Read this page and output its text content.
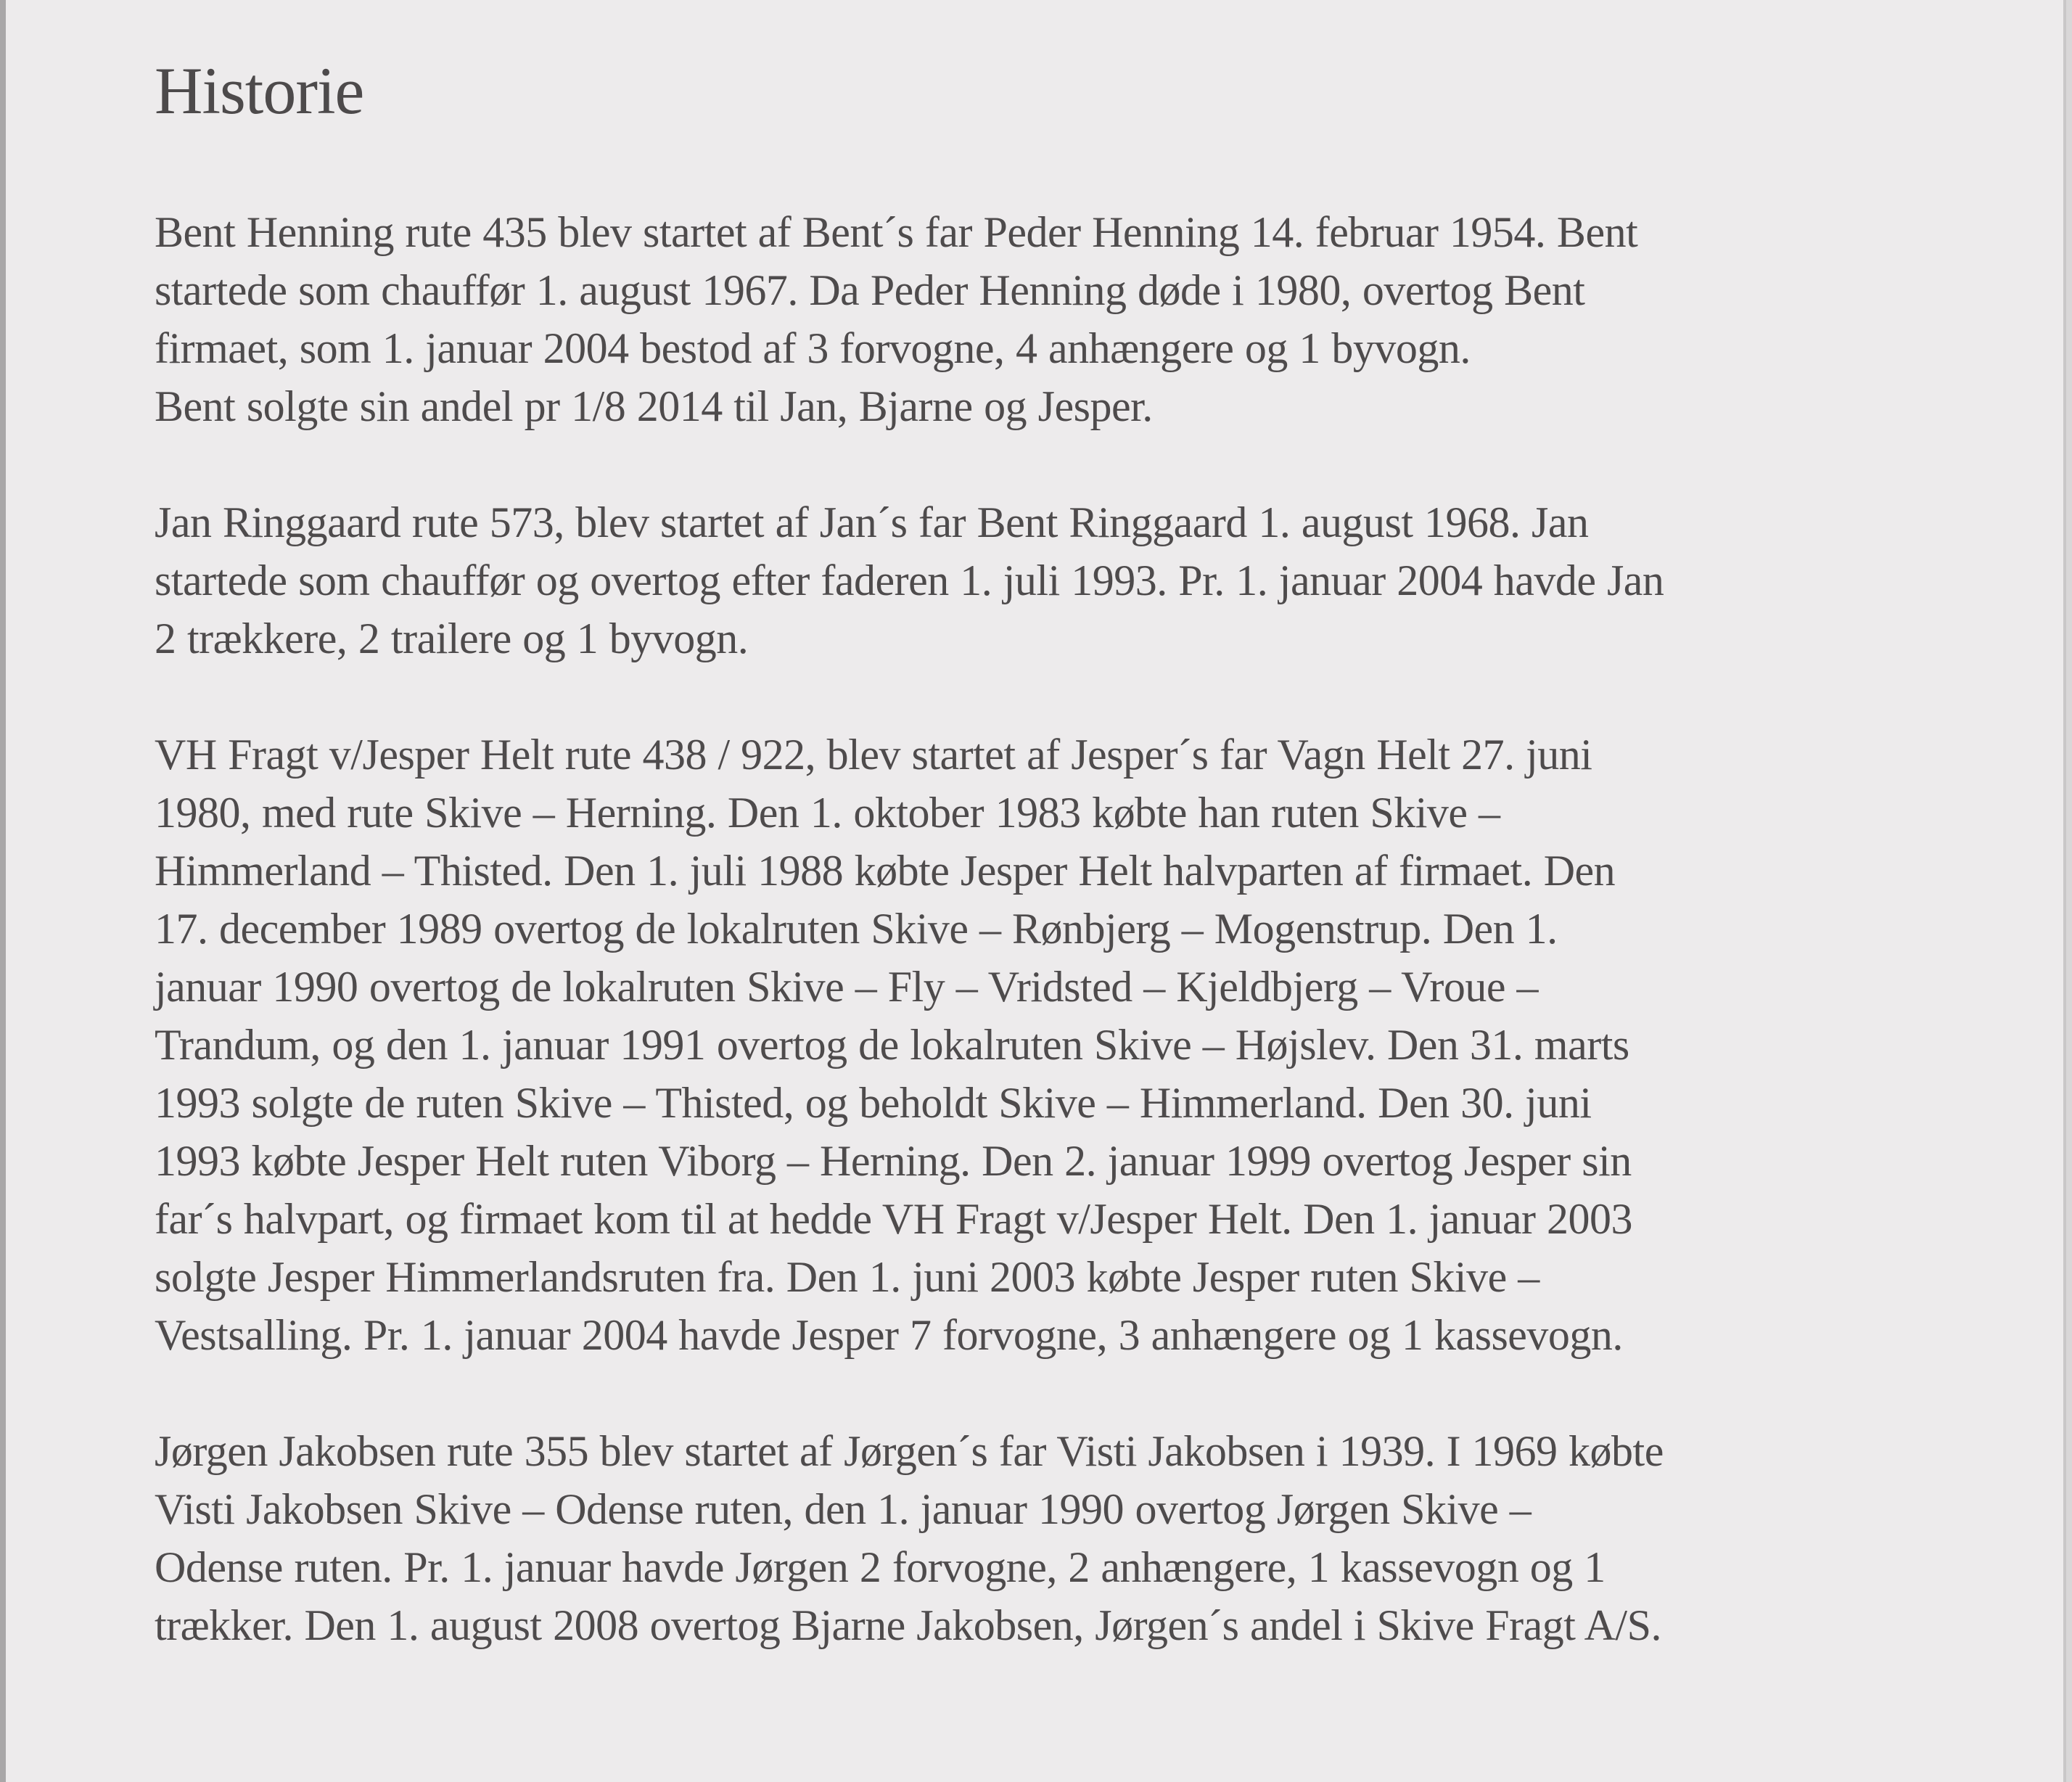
Historie

Bent Henning rute 435 blev startet af Bent´s far Peder Henning 14. februar 1954. Bent
startede som chauffør 1. august 1967. Da Peder Henning døde i 1980, overtog Bent
firmaet, som 1. januar 2004 bestod af 3 forvogne, 4 anhængere og 1 byvogn.
Bent solgte sin andel pr 1/8 2014 til Jan, Bjarne og Jesper.

Jan Ringgaard rute 573, blev startet af Jan´s far Bent Ringgaard 1. august 1968. Jan
startede som chauffør og overtog efter faderen 1. juli 1993. Pr. 1. januar 2004 havde Jan
2 trækkere, 2 trailere og 1 byvogn.

VH Fragt v/Jesper Helt rute 438 / 922, blev startet af Jesper´s far Vagn Helt 27. juni
1980, med rute Skive – Herning. Den 1. oktober 1983 købte han ruten Skive –
Himmerland – Thisted. Den 1. juli 1988 købte Jesper Helt halvparten af firmaet. Den
17. december 1989 overtog de lokalruten Skive – Rønbjerg – Mogenstrup. Den 1.
januar 1990 overtog de lokalruten Skive – Fly – Vridsted – Kjeldbjerg – Vroue –
Trandum, og den 1. januar 1991 overtog de lokalruten Skive – Højslev. Den 31. marts
1993 solgte de ruten Skive – Thisted, og beholdt Skive – Himmerland. Den 30. juni
1993 købte Jesper Helt ruten Viborg – Herning. Den 2. januar 1999 overtog Jesper sin
far´s halvpart, og firmaet kom til at hedde VH Fragt v/Jesper Helt. Den 1. januar 2003
solgte Jesper Himmerlandsruten fra. Den 1. juni 2003 købte Jesper ruten Skive –
Vestsalling. Pr. 1. januar 2004 havde Jesper 7 forvogne, 3 anhængere og 1 kassevogn.

Jørgen Jakobsen rute 355 blev startet af Jørgen´s far Visti Jakobsen i 1939. I 1969 købte
Visti Jakobsen Skive – Odense ruten, den 1. januar 1990 overtog Jørgen Skive –
Odense ruten. Pr. 1. januar havde Jørgen 2 forvogne, 2 anhængere, 1 kassevogn og 1
trækker. Den 1. august 2008 overtog Bjarne Jakobsen, Jørgen´s andel i Skive Fragt A/S.
